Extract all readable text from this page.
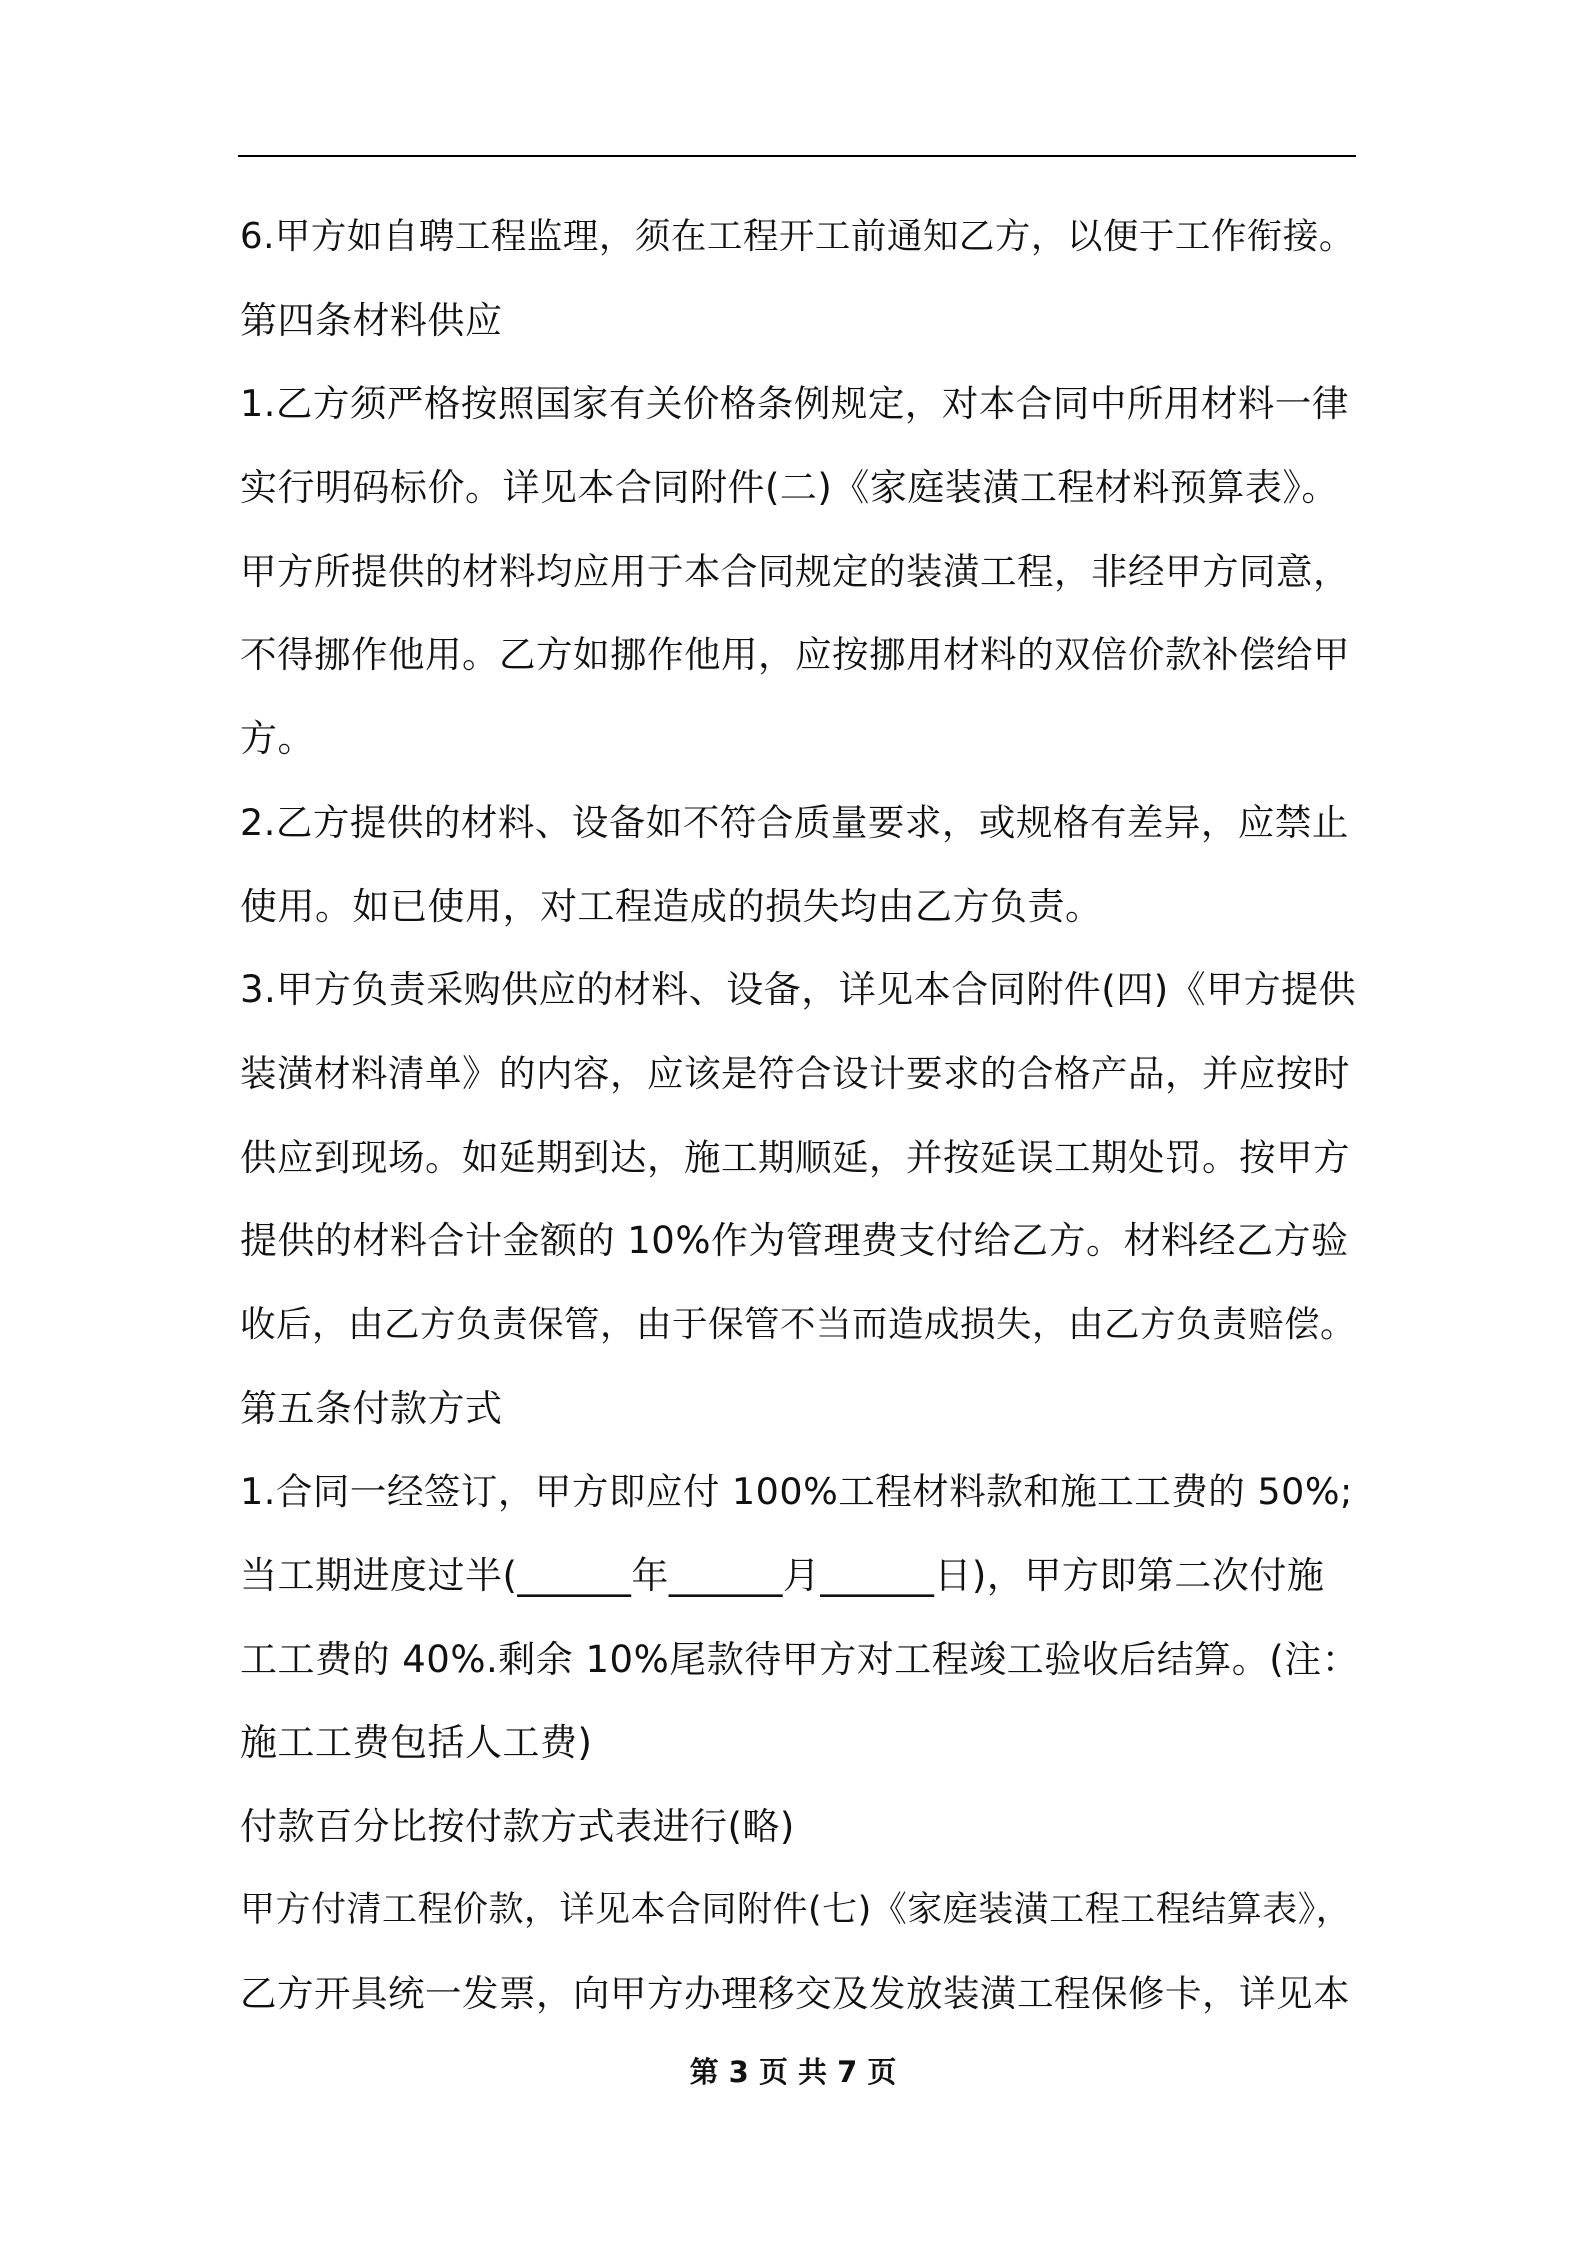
6.甲方如自聘工程监理，须在工程开工前通知乙方，以便于工作衔接。
第四条材料供应
1.乙方须严格按照国家有关价格条例规定，对本合同中所用材料一律
实行明码标价。详见本合同附件(二)《家庭装潢工程材料预算表》。
甲方所提供的材料均应用于本合同规定的装潢工程，非经甲方同意，
不得挪作他用。乙方如挪作他用，应按挪用材料的双倍价款补偿给甲
方。
2.乙方提供的材料、设备如不符合质量要求，或规格有差异，应禁止
使用。如已使用，对工程造成的损失均由乙方负责。
3.甲方负责采购供应的材料、设备，详见本合同附件(四)《甲方提供
装潢材料清单》的内容，应该是符合设计要求的合格产品，并应按时
供应到现场。如延期到达，施工期顺延，并按延误工期处罚。按甲方
提供的材料合计金额的 10%作为管理费支付给乙方。材料经乙方验
收后，由乙方负责保管，由于保管不当而造成损失，由乙方负责赔偿。
第五条付款方式
1.合同一经签订，甲方即应付 100%工程材料款和施工工费的 50%;
当工期进度过半(______年______月______日)，甲方即第二次付施
工工费的 40%.剩余 10%尾款待甲方对工程竣工验收后结算。(注：
施工工费包括人工费)
付款百分比按付款方式表进行(略)
甲方付清工程价款，详见本合同附件(七)《家庭装潢工程工程结算表》，
乙方开具统一发票，向甲方办理移交及发放装潢工程保修卡，详见本
第 3 页 共 7 页
